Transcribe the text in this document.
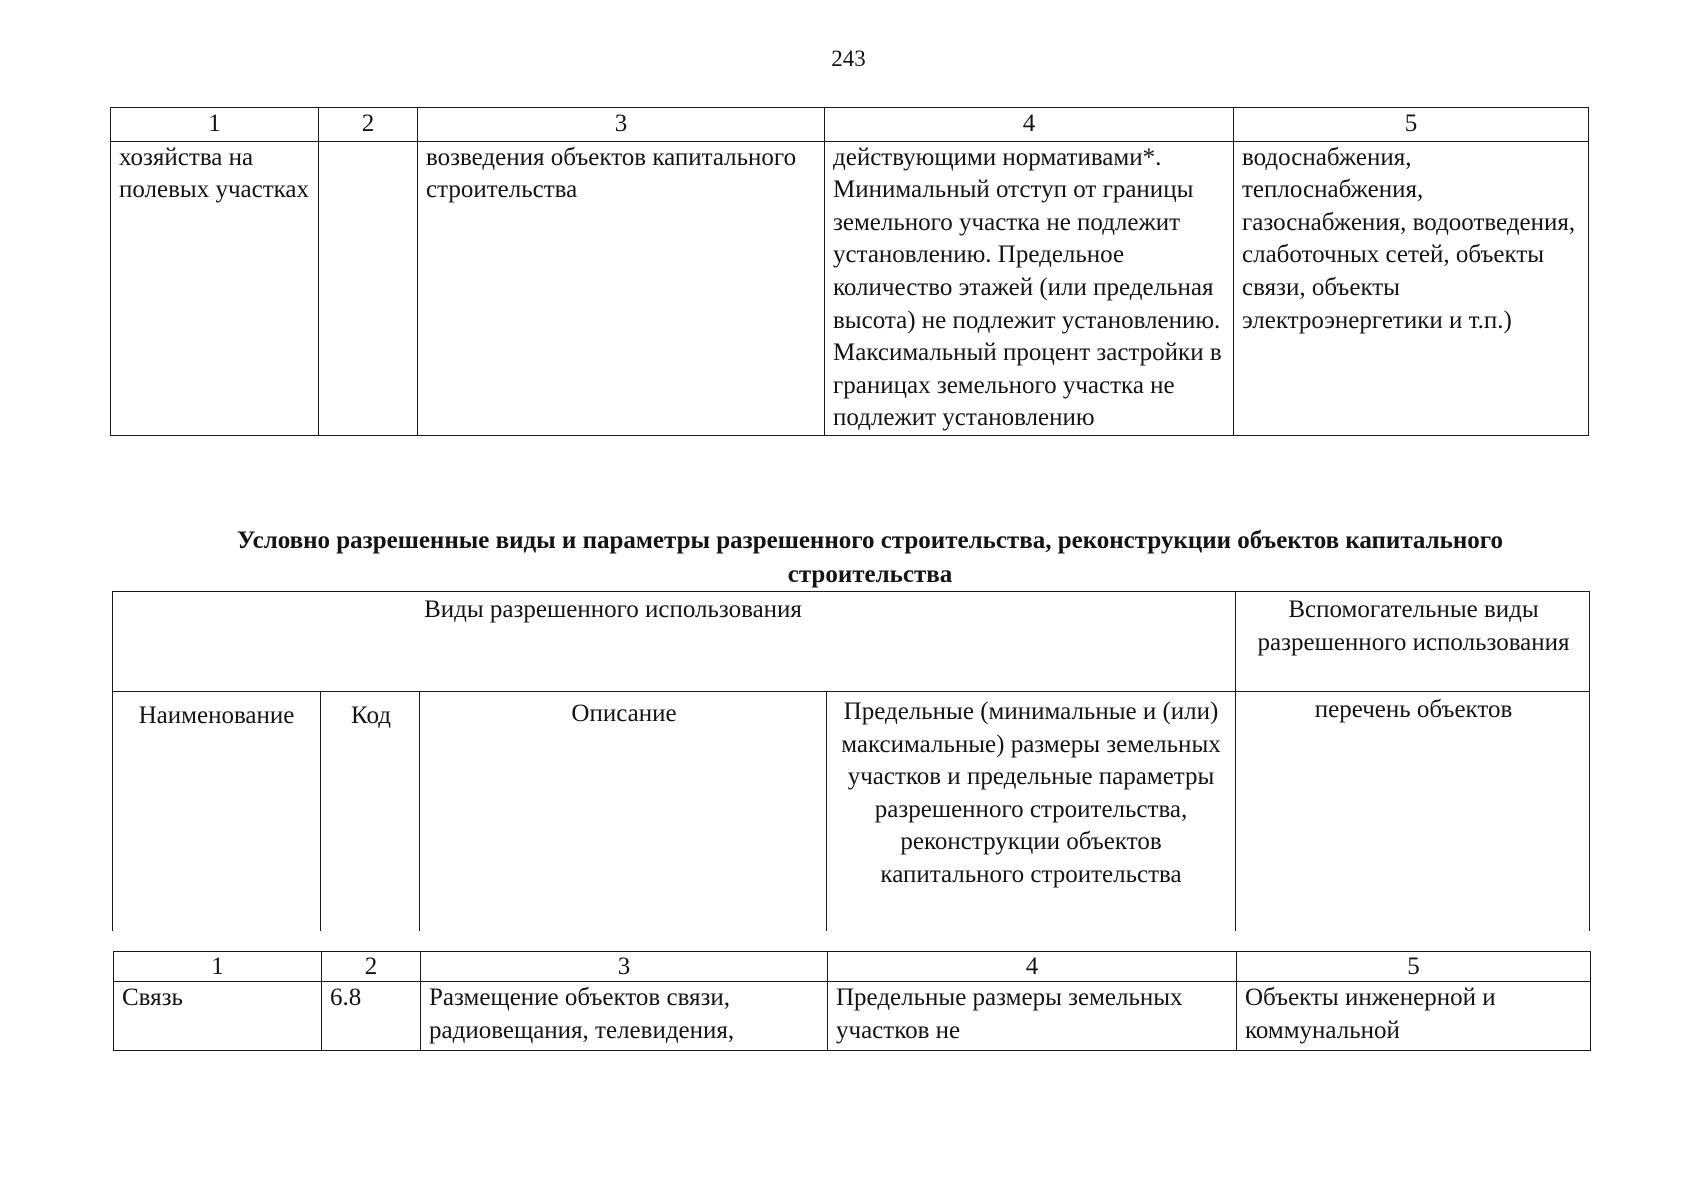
243
1	2	3	4	5
хозяйства на полевых участках		возведения объектов капитального строительства	действующими нормативами*. Минимальный отступ от границы земельного участка не подлежит установлению. Предельное количество этажей (или предельная высота) не подлежит установлению. Максимальный процент застройки в границах земельного участка не подлежит установлению	водоснабжения, теплоснабжения, газоснабжения, водоотведения, слаботочных сетей, объекты связи, объекты электроэнергетики и т.п.)
Условно разрешенные виды и параметры разрешенного строительства, реконструкции объектов капитального строительства
Виды разрешенного использования				Вспомогательные виды разрешенного использования
Наименование	Код	Описание	Предельные (минимальные и (или) максимальные) размеры земельных участков и предельные параметры разрешенного строительства, реконструкции объектов капитального строительства	перечень объектов
1	2	3	4	5
Связь	6.8	Размещение объектов связи, радиовещания, телевидения,	Предельные размеры земельных участков не	Объекты инженерной и коммунальной
